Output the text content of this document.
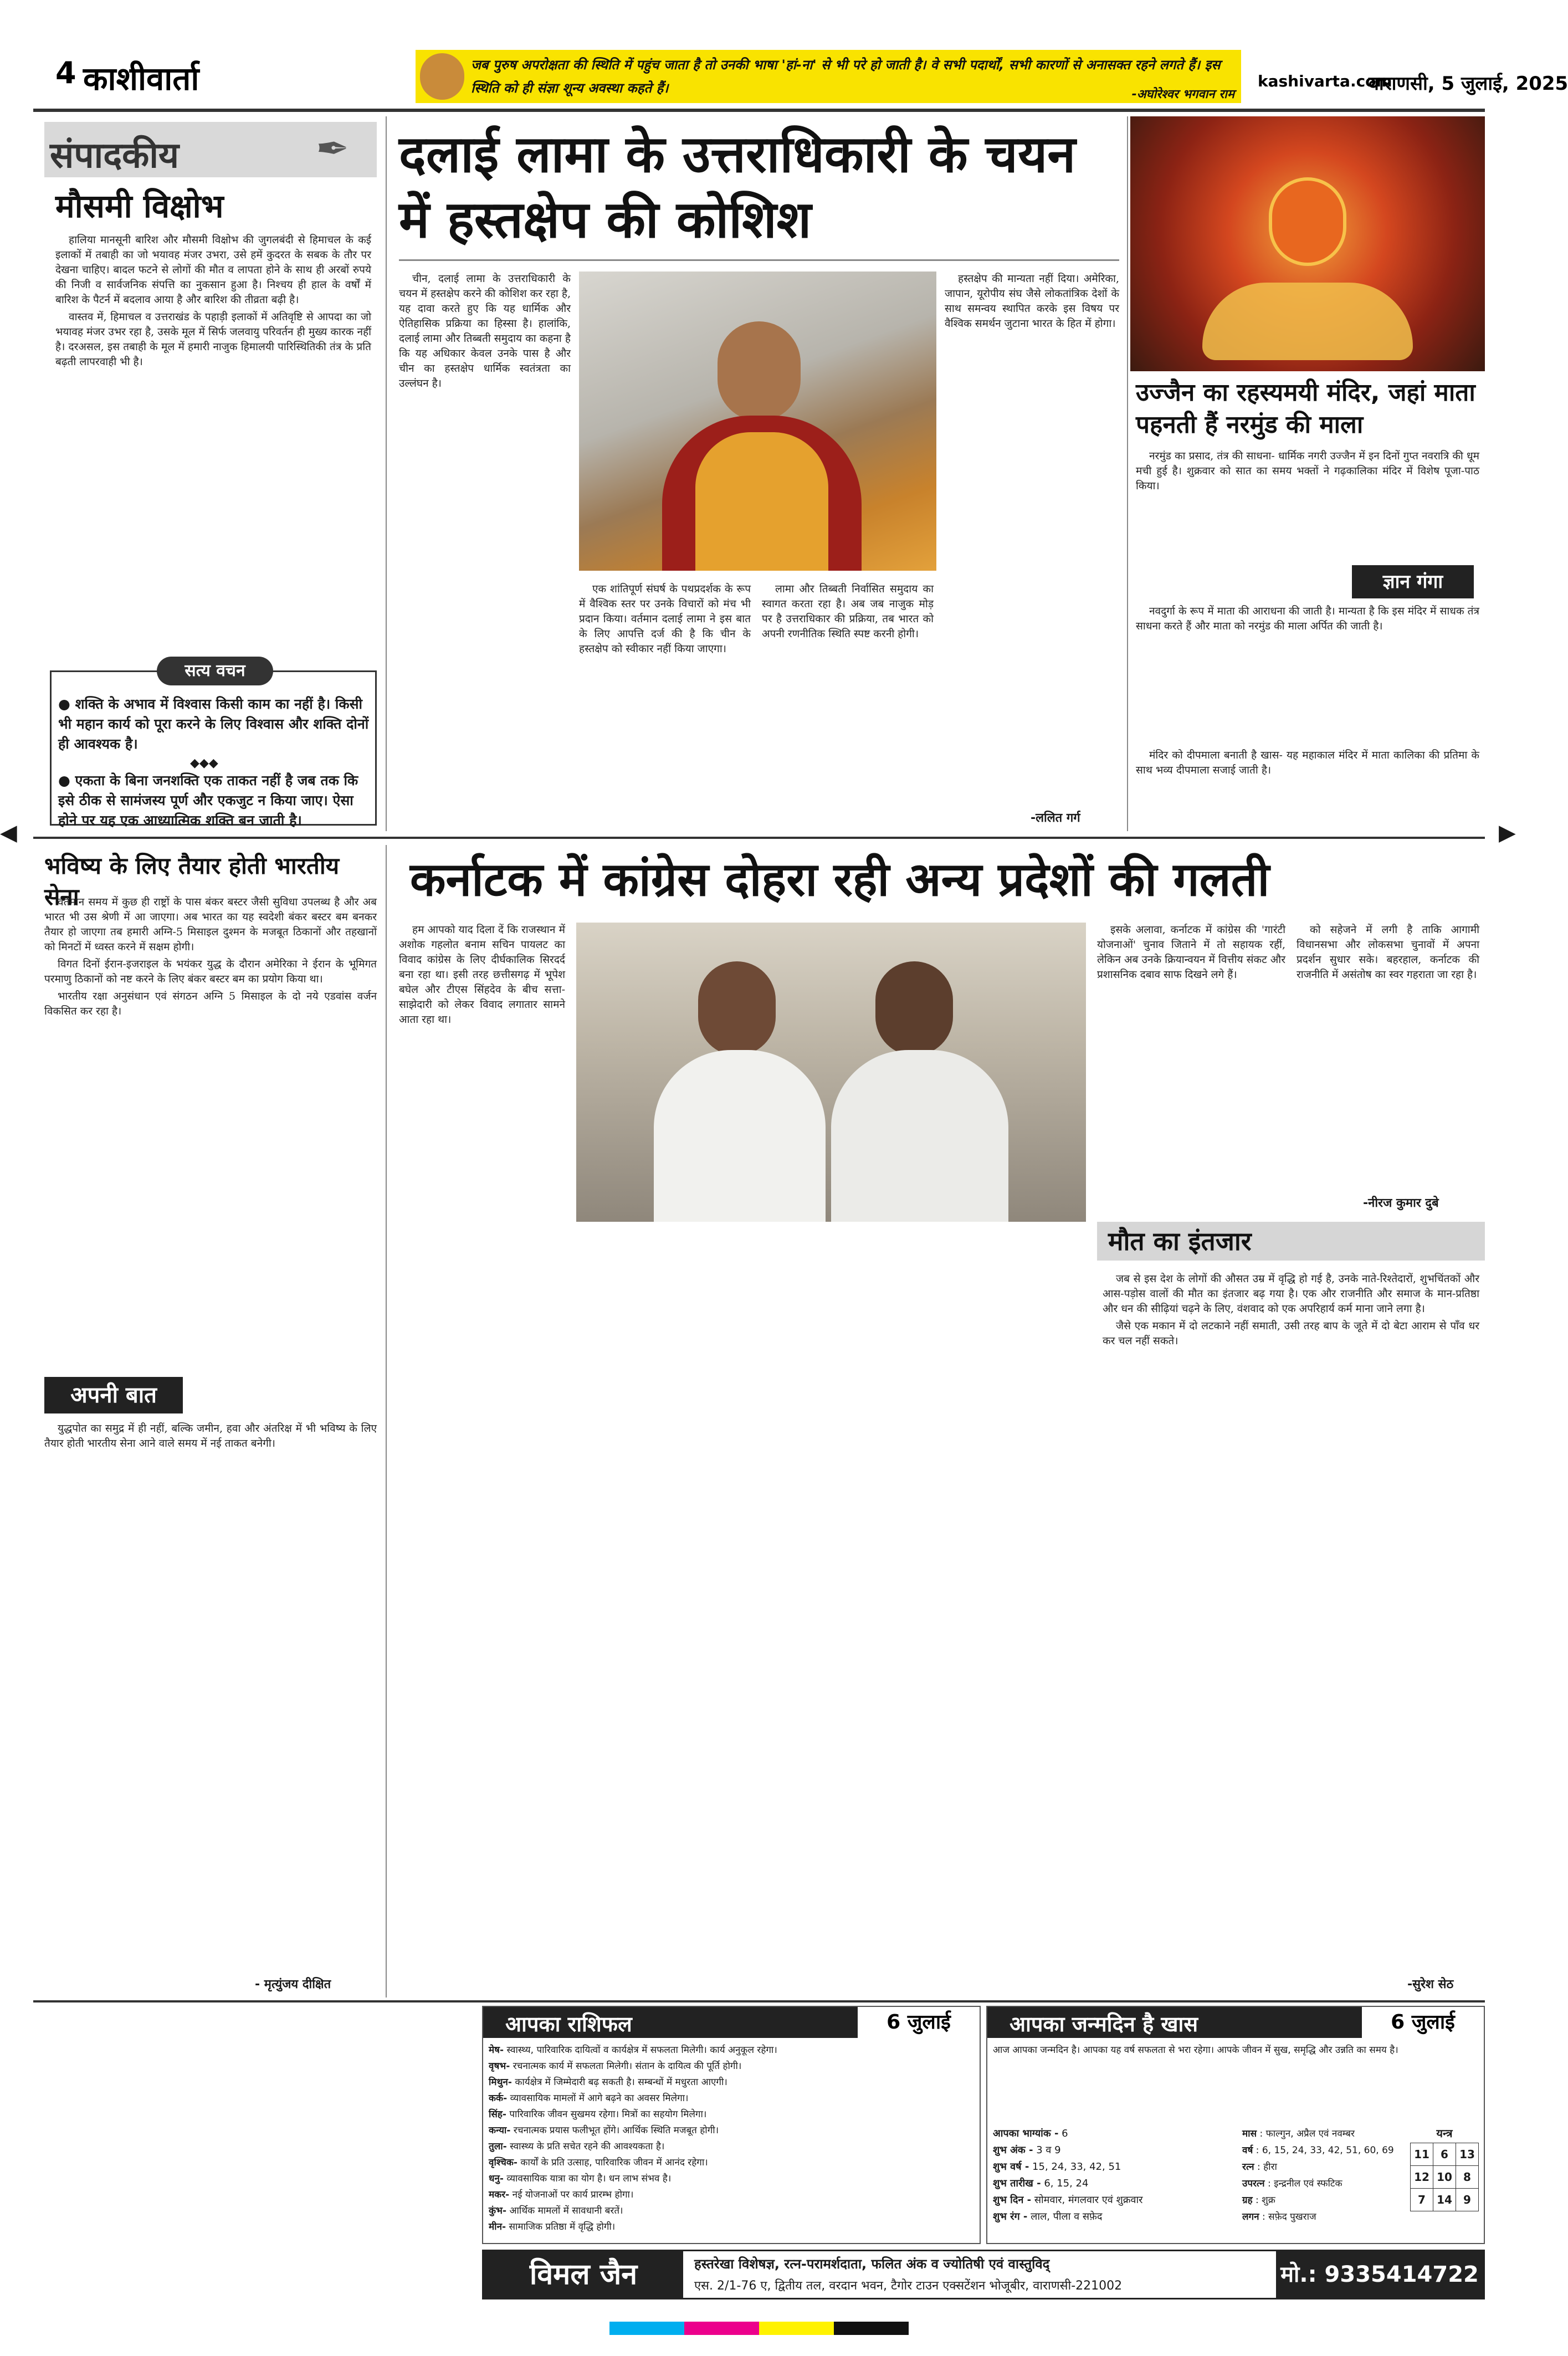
4 काशीवार्ता	जब पुरुष अपरोक्षता की स्थिति में पहुंच जाता है तो उनकी भाषा 'हां-ना' से भी परे हो जाती है। वे सभी पदार्थों, सभी कारणों से अनासक्त रहने लगते हैं। इस स्थिति को ही संज्ञा शून्य अवस्था कहते हैं।	-अघोरेश्वर भगवान राम
kashivarta.com
वाराणसी, 5 जुलाई, 2025
संपादकीय	✒
मौसमी विक्षोभ

हालिया मानसूनी बारिश और मौसमी विक्षोभ की जुगलबंदी से हिमाचल के कई इलाकों में तबाही का जो भयावह मंजर उभरा, उसे हमें कुदरत के सबक के तौर पर देखना चाहिए। बादल फटने से लोगों की मौत व लापता होने के साथ ही अरबों रुपये की निजी व सार्वजनिक संपत्ति का नुकसान हुआ है। निश्चय ही हाल के वर्षों में बारिश के पैटर्न में बदलाव आया है और बारिश की तीव्रता बढ़ी है।

वास्तव में, हिमाचल व उत्तराखंड के पहाड़ी इलाकों में अतिवृष्टि से आपदा का जो भयावह मंजर उभर रहा है, उसके मूल में सिर्फ जलवायु परिवर्तन ही मुख्य कारक नहीं है। दरअसल, इस तबाही के मूल में हमारी नाजुक हिमालयी पारिस्थितिकी तंत्र के प्रति बढ़ती लापरवाही भी है।

सत्य वचन
● शक्ति के अभाव में विश्वास किसी काम का नहीं है। किसी भी महान कार्य को पूरा करने के लिए विश्वास और शक्ति दोनों ही आवश्यक है।
◆◆◆
● एकता के बिना जनशक्ति एक ताकत नहीं है जब तक कि इसे ठीक से सामंजस्य पूर्ण और एकजुट न किया जाए। ऐसा होने पर यह एक आध्यात्मिक शक्ति बन जाती है।
दलाई लामा के उत्तराधिकारी के चयन में हस्तक्षेप की कोशिश

चीन, दलाई लामा के उत्तराधिकारी के चयन में हस्तक्षेप करने की कोशिश कर रहा है, यह दावा करते हुए कि यह धार्मिक और ऐतिहासिक प्रक्रिया का हिस्सा है। हालांकि, दलाई लामा और तिब्बती समुदाय का कहना है कि यह अधिकार केवल उनके पास है और चीन का हस्तक्षेप धार्मिक स्वतंत्रता का उल्लंघन है।

एक शांतिपूर्ण संघर्ष के पथप्रदर्शक के रूप में वैश्विक स्तर पर उनके विचारों को मंच भी प्रदान किया। वर्तमान दलाई लामा ने इस बात के लिए आपत्ति दर्ज की है कि चीन के हस्तक्षेप को स्वीकार नहीं किया जाएगा।

लामा और तिब्बती निर्वासित समुदाय का स्वागत करता रहा है। अब जब नाजुक मोड़ पर है उत्तराधिकार की प्रक्रिया, तब भारत को अपनी रणनीतिक स्थिति स्पष्ट करनी होगी।

हस्तक्षेप की मान्यता नहीं दिया। अमेरिका, जापान, यूरोपीय संघ जैसे लोकतांत्रिक देशों के साथ समन्वय स्थापित करके इस विषय पर वैश्विक समर्थन जुटाना भारत के हित में होगा।

-ललित गर्ग
उज्जैन का रहस्यमयी मंदिर, जहां माता पहनती हैं नरमुंड की माला

नरमुंड का प्रसाद, तंत्र की साधना- धार्मिक नगरी उज्जैन में इन दिनों गुप्त नवरात्रि की धूम मची हुई है। शुक्रवार को सात का समय भक्तों ने गढ़कालिका मंदिर में विशेष पूजा-पाठ किया।

ज्ञान गंगा

नवदुर्गा के रूप में माता की आराधना की जाती है। मान्यता है कि इस मंदिर में साधक तंत्र साधना करते हैं और माता को नरमुंड की माला अर्पित की जाती है।

मंदिर को दीपमाला बनाती है खास- यह महाकाल मंदिर में माता कालिका की प्रतिमा के साथ भव्य दीपमाला सजाई जाती है।

◀	▶
भविष्य के लिए तैयार होती भारतीय सेना

वर्तमान समय में कुछ ही राष्ट्रों के पास बंकर बस्टर जैसी सुविधा उपलब्ध है और अब भारत भी उस श्रेणी में आ जाएगा। अब भारत का यह स्वदेशी बंकर बस्टर बम बनकर तैयार हो जाएगा तब हमारी अग्नि-5 मिसाइल दुश्मन के मजबूत ठिकानों और तहखानों को मिनटों में ध्वस्त करने में सक्षम होगी।

विगत दिनों ईरान-इजराइल के भयंकर युद्ध के दौरान अमेरिका ने ईरान के भूमिगत परमाणु ठिकानों को नष्ट करने के लिए बंकर बस्टर बम का प्रयोग किया था।

भारतीय रक्षा अनुसंधान एवं संगठन अग्नि 5 मिसाइल के दो नये एडवांस वर्जन विकसित कर रहा है।

अपनी बात

युद्धपोत का समुद्र में ही नहीं, बल्कि जमीन, हवा और अंतरिक्ष में भी भविष्य के लिए तैयार होती भारतीय सेना आने वाले समय में नई ताकत बनेगी।

- मृत्युंजय दीक्षित
कर्नाटक में कांग्रेस दोहरा रही अन्य प्रदेशों की गलती

हम आपको याद दिला दें कि राजस्थान में अशोक गहलोत बनाम सचिन पायलट का विवाद कांग्रेस के लिए दीर्घकालिक सिरदर्द बना रहा था। इसी तरह छत्तीसगढ़ में भूपेश बघेल और टीएस सिंहदेव के बीच सत्ता-साझेदारी को लेकर विवाद लगातार सामने आता रहा था।

इसके अलावा, कर्नाटक में कांग्रेस की 'गारंटी योजनाओं' चुनाव जिताने में तो सहायक रहीं, लेकिन अब उनके क्रियान्वयन में वित्तीय संकट और प्रशासनिक दबाव साफ दिखने लगे हैं।

को सहेजने में लगी है ताकि आगामी विधानसभा और लोकसभा चुनावों में अपना प्रदर्शन सुधार सके। बहरहाल, कर्नाटक की राजनीति में असंतोष का स्वर गहराता जा रहा है।

-नीरज कुमार दुबे
मौत का इंतजार

जब से इस देश के लोगों की औसत उम्र में वृद्धि हो गई है, उनके नाते-रिश्तेदारों, शुभचिंतकों और आस-पड़ोस वालों की मौत का इंतजार बढ़ गया है। एक और राजनीति और समाज के मान-प्रतिष्ठा और धन की सीढ़ियां चढ़ने के लिए, वंशवाद को एक अपरिहार्य कर्म माना जाने लगा है।

जैसे एक मकान में दो लटकाने नहीं समाती, उसी तरह बाप के जूते में दो बेटा आराम से पाँव धर कर चल नहीं सकते।

-सुरेश सेठ
आपका राशिफल	6 जुलाई
मेष- स्वास्थ्य, पारिवारिक दायित्वों व कार्यक्षेत्र में सफलता मिलेगी। कार्य अनुकूल रहेगा।
वृषभ- रचनात्मक कार्य में सफलता मिलेगी। संतान के दायित्व की पूर्ति होगी।
मिथुन- कार्यक्षेत्र में जिम्मेदारी बढ़ सकती है। सम्बन्धों में मधुरता आएगी।
कर्क- व्यावसायिक मामलों में आगे बढ़ने का अवसर मिलेगा।
सिंह- पारिवारिक जीवन सुखमय रहेगा। मित्रों का सहयोग मिलेगा।
कन्या- रचनात्मक प्रयास फलीभूत होंगे। आर्थिक स्थिति मजबूत होगी।
तुला- स्वास्थ्य के प्रति सचेत रहने की आवश्यकता है।
वृश्चिक- कार्यों के प्रति उत्साह, पारिवारिक जीवन में आनंद रहेगा।
धनु- व्यावसायिक यात्रा का योग है। धन लाभ संभव है।
मकर- नई योजनाओं पर कार्य प्रारम्भ होगा।
कुंभ- आर्थिक मामलों में सावधानी बरतें।
मीन- सामाजिक प्रतिष्ठा में वृद्धि होगी।
आपका जन्मदिन है खास	6 जुलाई
आज आपका जन्मदिन है। आपका यह वर्ष सफलता से भरा रहेगा। आपके जीवन में सुख, समृद्धि और उन्नति का समय है।
आपका भाग्यांक - 6
शुभ अंक - 3 व 9
शुभ वर्ष - 15, 24, 33, 42, 51
शुभ तारीख - 6, 15, 24
शुभ दिन - सोमवार, मंगलवार एवं शुक्रवार
शुभ रंग - लाल, पीला व सफ़ेद
मास : फाल्गुन, अप्रैल एवं नवम्बर
वर्ष : 6, 15, 24, 33, 42, 51, 60, 69
रत्न : हीरा
उपरत्न : इन्द्रनील एवं स्फटिक
ग्रह : शुक्र
लगन : सफ़ेद पुखराज
यन्त्र
11	6	13
12	10	8
7	14	9
विमल जैन	हस्तरेखा विशेषज्ञ, रत्न-परामर्शदाता, फलित अंक व ज्योतिषी एवं वास्तुविद्
एस. 2/1-76 ए, द्वितीय तल, वरदान भवन, टैगोर टाउन एक्सटेंशन भोजूबीर, वाराणसी-221002	मो.: 9335414722
